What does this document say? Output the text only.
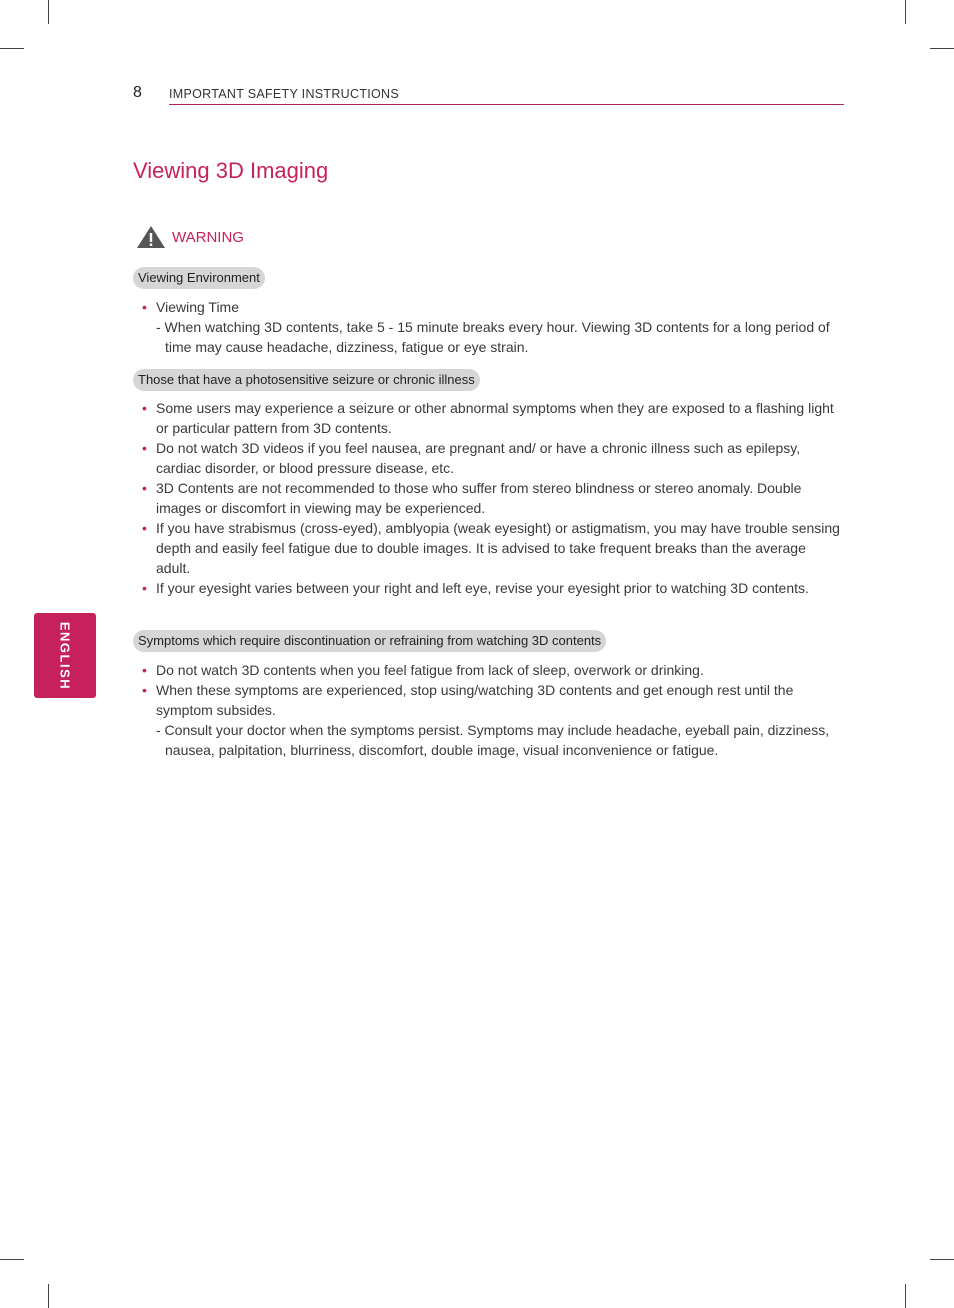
8 IMPORTANT SAFETY INSTRUCTIONS
Viewing 3D Imaging
WARNING
Viewing Environment
• Viewing Time
- When watching 3D contents, take 5 - 15 minute breaks every hour. Viewing 3D contents for a long period of time may cause headache, dizziness, fatigue or eye strain.
Those that have a photosensitive seizure or chronic illness
• Some users may experience a seizure or other abnormal symptoms when they are exposed to a flashing light or particular pattern from 3D contents.
• Do not watch 3D videos if you feel nausea, are pregnant and/ or have a chronic illness such as epilepsy, cardiac disorder, or blood pressure disease, etc.
• 3D Contents are not recommended to those who suffer from stereo blindness or stereo anomaly. Double images or discomfort in viewing may be experienced.
• If you have strabismus (cross-eyed), amblyopia (weak eyesight) or astigmatism, you may have trouble sensing depth and easily feel fatigue due to double images. It is advised to take frequent breaks than the average adult.
• If your eyesight varies between your right and left eye, revise your eyesight prior to watching 3D contents.
Symptoms which require discontinuation or refraining from watching 3D contents
• Do not watch 3D contents when you feel fatigue from lack of sleep, overwork or drinking.
• When these symptoms are experienced, stop using/watching 3D contents and get enough rest until the symptom subsides.
- Consult your doctor when the symptoms persist. Symptoms may include headache, eyeball pain, dizziness, nausea, palpitation, blurriness, discomfort, double image, visual inconvenience or fatigue.
ENGLISH
